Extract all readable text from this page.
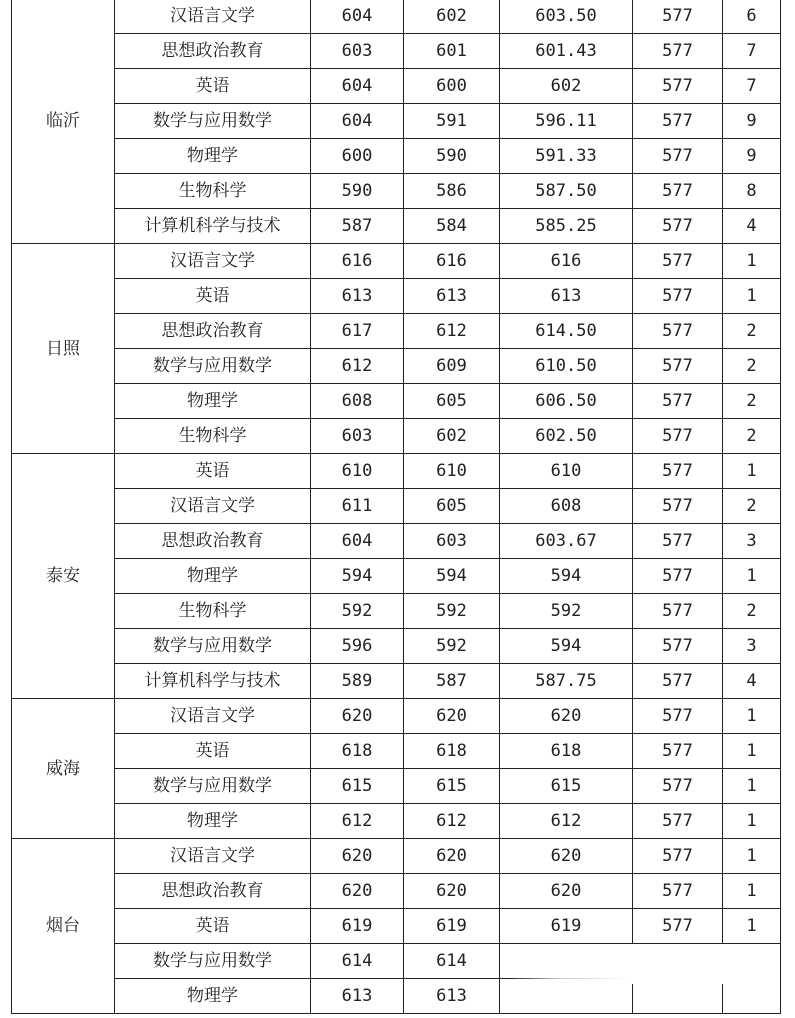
临沂	汉语言文学	604	602	603.50	577	6
	思想政治教育	603	601	601.43	577	7
	英语	604	600	602	577	7
	数学与应用数学	604	591	596.11	577	9
	物理学	600	590	591.33	577	9
	生物科学	590	586	587.50	577	8
	计算机科学与技术	587	584	585.25	577	4
日照	汉语言文学	616	616	616	577	1
	英语	613	613	613	577	1
	思想政治教育	617	612	614.50	577	2
	数学与应用数学	612	609	610.50	577	2
	物理学	608	605	606.50	577	2
	生物科学	603	602	602.50	577	2
泰安	英语	610	610	610	577	1
	汉语言文学	611	605	608	577	2
	思想政治教育	604	603	603.67	577	3
	物理学	594	594	594	577	1
	生物科学	592	592	592	577	2
	数学与应用数学	596	592	594	577	3
	计算机科学与技术	589	587	587.75	577	4
威海	汉语言文学	620	620	620	577	1
	英语	618	618	618	577	1
	数学与应用数学	615	615	615	577	1
	物理学	612	612	612	577	1
烟台	汉语言文学	620	620	620	577	1
	思想政治教育	620	620	620	577	1
	英语	619	619	619	577	1
	数学与应用数学	614	614			
	物理学	613	613			
